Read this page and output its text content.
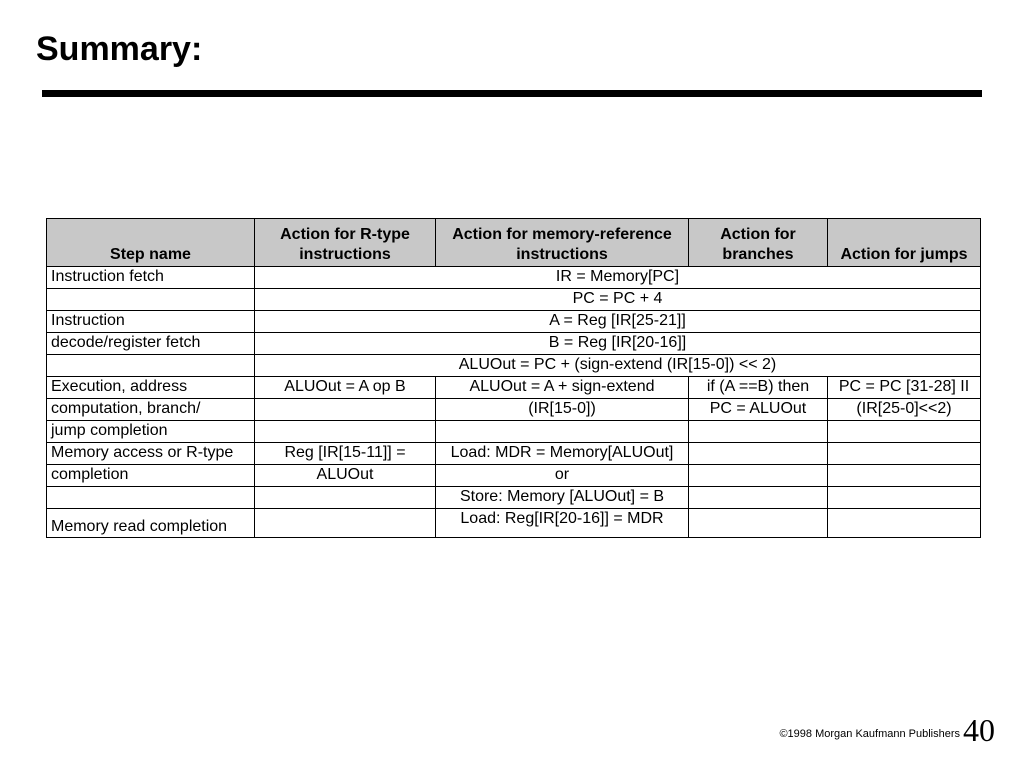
Summary:
Step name	Action for R-type instructions	Action for memory-reference instructions	Action for branches	Action for jumps
Instruction fetch	IR = Memory[PC]			
	PC = PC + 4			
Instruction	A = Reg [IR[25-21]]			
decode/register fetch	B = Reg [IR[20-16]]			
	ALUOut = PC + (sign-extend (IR[15-0]) << 2)			
Execution, address	ALUOut = A op B	ALUOut = A + sign-extend	if (A ==B) then	PC = PC [31-28] II
computation, branch/		(IR[15-0])	PC = ALUOut	(IR[25-0]<<2)
jump completion				
Memory access or R-type	Reg [IR[15-11]] =	Load: MDR = Memory[ALUOut]		
completion	ALUOut	or		
		Store: Memory [ALUOut] = B		
Memory read completion		Load: Reg[IR[20-16]] = MDR		
©1998 Morgan Kaufmann Publishers 40
